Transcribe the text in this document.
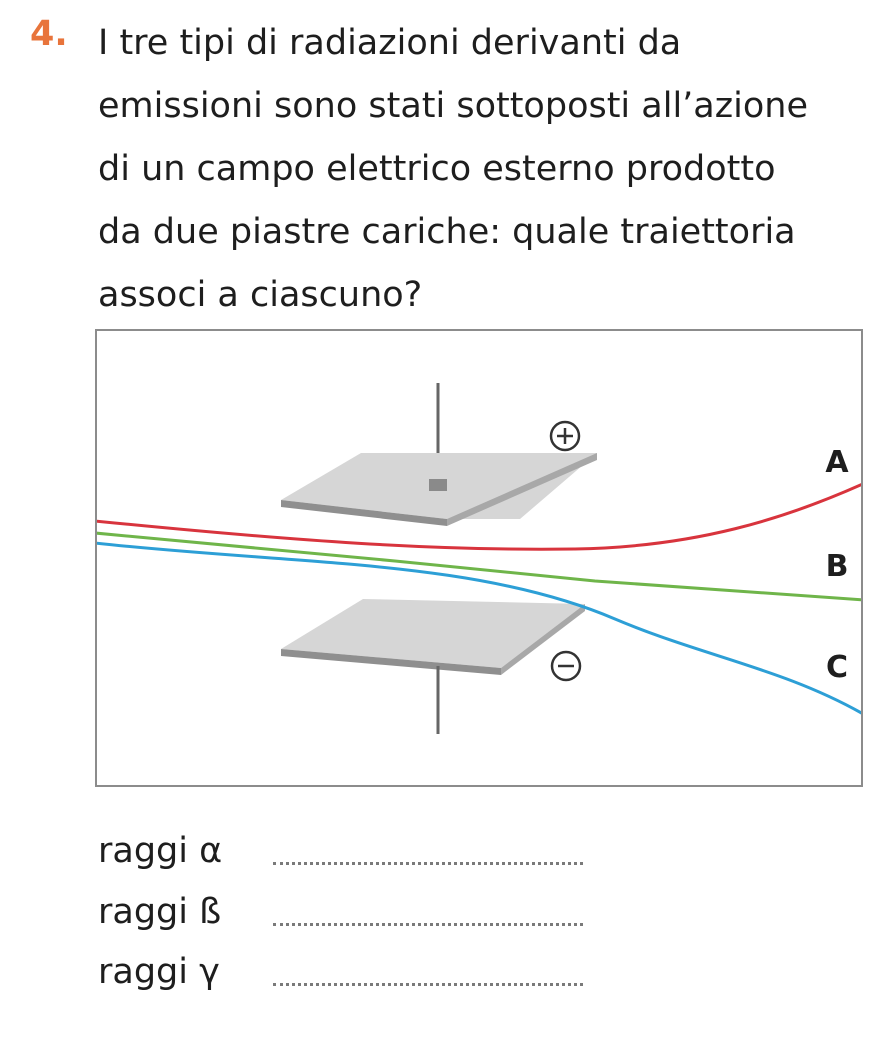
4. I tre tipi di radiazioni derivanti da
emissioni sono stati sottoposti all’azione
di un campo elettrico esterno prodotto
da due piastre cariche: quale traiettoria
associ a ciascuno?
A
B
C
raggi α
raggi ß
raggi γ
